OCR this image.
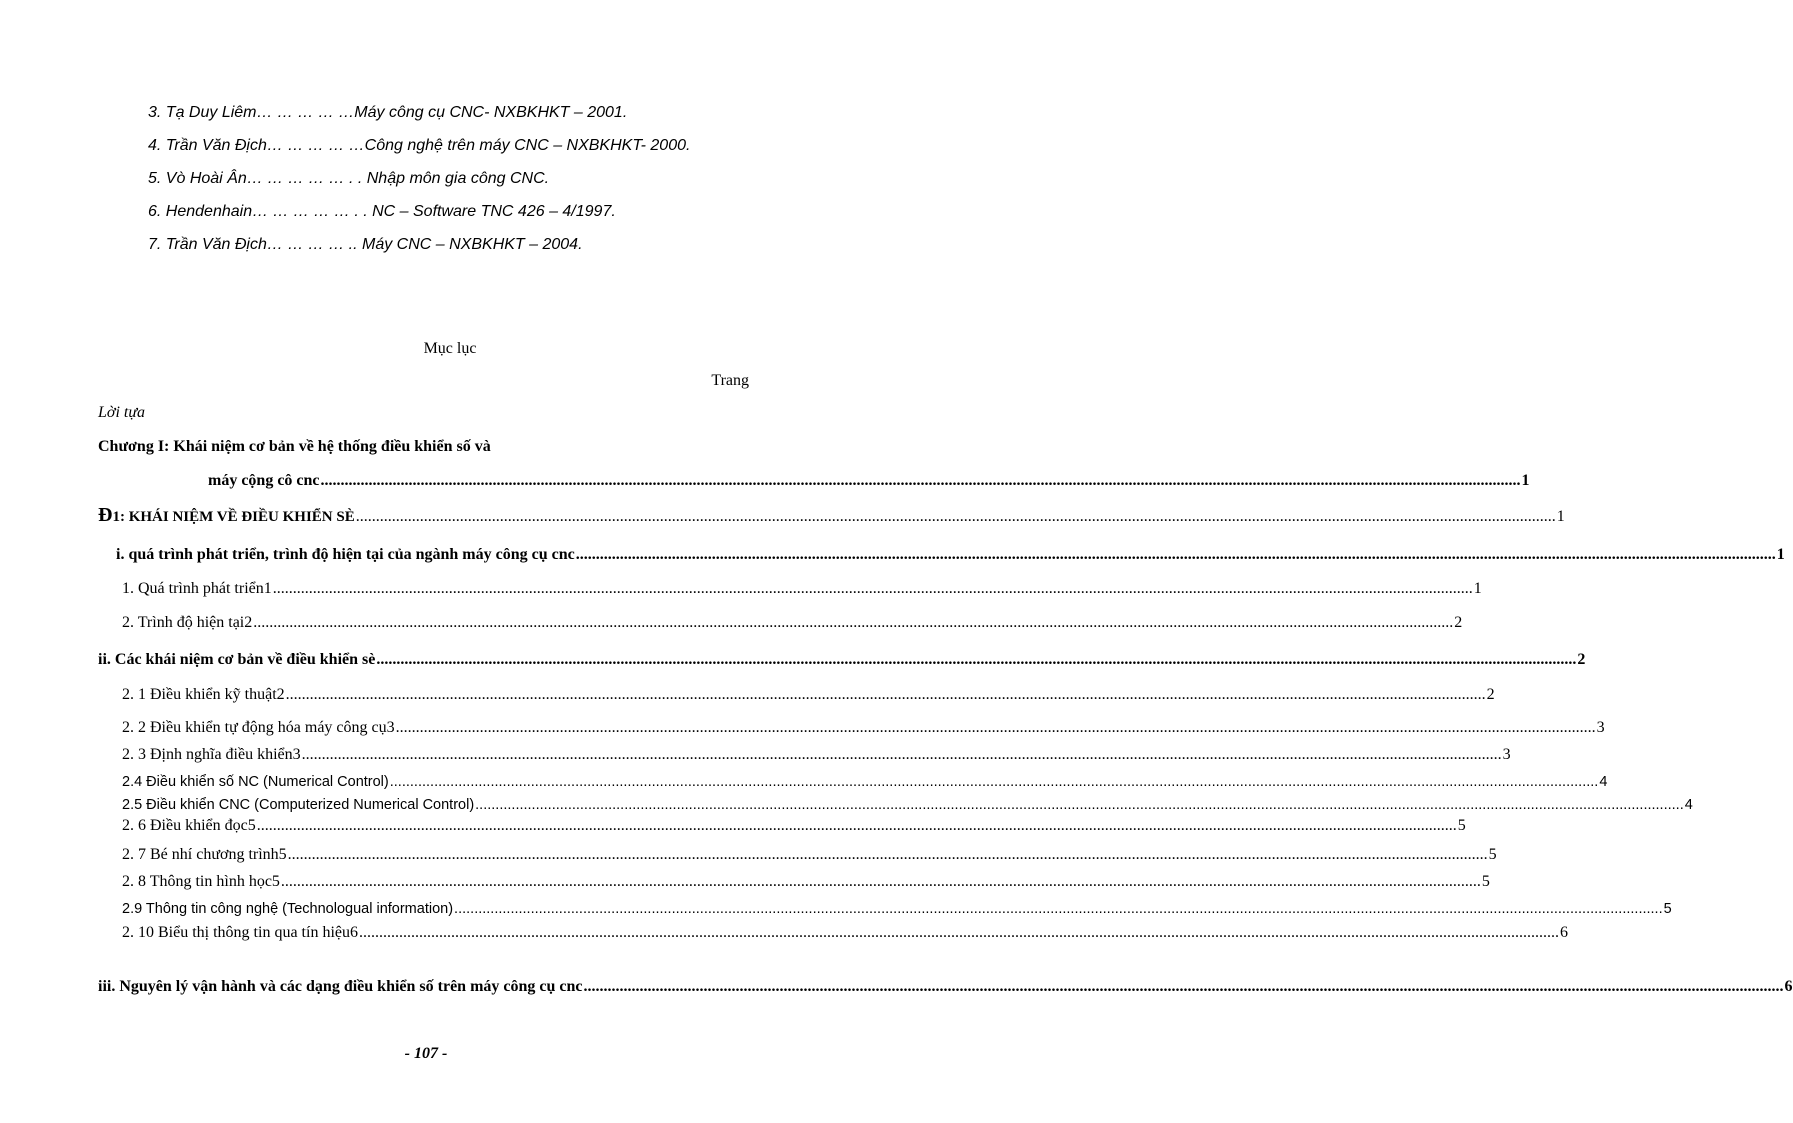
3. Tạ Duy Liêm… … … … …Máy công cụ CNC- NXBKHKT – 2001.
4. Trần Văn Địch… … … … …Công nghệ trên máy CNC – NXBKHKT- 2000.
5. Vò Hoài Ân… … … … … . . Nhập môn gia công CNC.
6. Hendenhain… … … … … . . NC – Software TNC 426 – 4/1997.
7. Trần Văn Địch… … … … .. Máy CNC – NXBKHKT – 2004.
Mục lục
Trang
Lời tựa
Chương I: Khái niệm cơ bản về hệ thống điều khiển số và
máy cộng cô cnc ............................................................................................................................................................................................................................................................................................................ 1
Đ1: KHÁI NIỆM VỀ ĐIỀU KHIỂN SÈ ............................................................................................................................................................................................................................................................................................................ 1
i. quá trình phát triển, trình độ hiện tại của ngành máy công cụ cnc ............................................................................................................................................................................................................................................................................................................ 1
1. Quá trình phát triển1 ............................................................................................................................................................................................................................................................................................................ 1
2. Trình độ hiện tại2 ............................................................................................................................................................................................................................................................................................................ 2
ii. Các khái niệm cơ bản về điều khiển sè ............................................................................................................................................................................................................................................................................................................ 2
2. 1 Điều khiển kỹ thuật2 ............................................................................................................................................................................................................................................................................................................ 2
2. 2 Điều khiển tự động hóa máy công cụ3 ............................................................................................................................................................................................................................................................................................................ 3
2. 3 Định nghĩa điều khiển3 ............................................................................................................................................................................................................................................................................................................ 3
2.4 Điều khiển số NC (Numerical Control) ............................................................................................................................................................................................................................................................................................................ 4
2.5 Điều khiển CNC (Computerized Numerical Control) ............................................................................................................................................................................................................................................................................................................ 4
2. 6 Điều khiển đọc5 ............................................................................................................................................................................................................................................................................................................ 5
2. 7 Bé nhí chương trình5 ............................................................................................................................................................................................................................................................................................................ 5
2. 8 Thông tin hình học5 ............................................................................................................................................................................................................................................................................................................ 5
2.9 Thông tin công nghệ (Technologual information) ............................................................................................................................................................................................................................................................................................................ 5
2. 10 Biểu thị thông tin qua tín hiệu6 ............................................................................................................................................................................................................................................................................................................ 6
iii. Nguyên lý vận hành và các dạng điều khiển số trên máy công cụ cnc ............................................................................................................................................................................................................................................................................................................ 6
- 107 -
